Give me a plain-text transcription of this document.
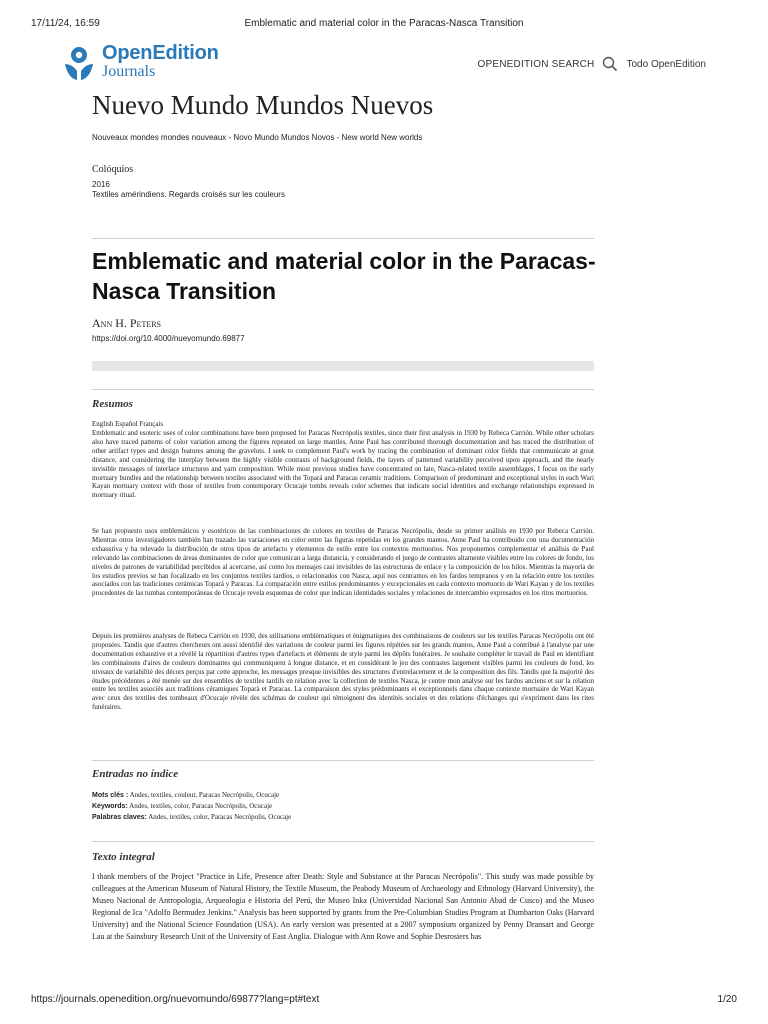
17/11/24, 16:59	Emblematic and material color in the Paracas-Nasca Transition
OpenEdition
Journals	OPENEDITION SEARCH	Todo OpenEdition
Nuevo Mundo Mundos Nuevos
Nouveaux mondes mondes nouveaux - Novo Mundo Mundos Novos - New world New worlds
Colóquios
2016
Textiles amérindiens. Regards croisés sur les couleurs
Emblematic and material color in the Paracas-Nasca Transition
Ann H. Peters
https://doi.org/10.4000/nuevomundo.69877
Resumos
English Español Français

Emblematic and esoteric uses of color combinations have been proposed for Paracas Necrópolis textiles, since their first analysis in 1930 by Rebeca Carrión. While other scholars also have traced patterns of color variation among the figures repeated on large mantles, Anne Paul has contributed thorough documentation and has traced the distribution of other artifact types and design features among the gravelots. I seek to complement Paul's work by tracing the combination of dominant color fields that communicate at great distance, and considering the interplay between the highly visible contrasts of background fields, the layers of patterned variability perceived upon approach, and the nearly invisible messages of interlace structures and yarn composition. While most previous studies have concentrated on late, Nasca-related textile assemblages, I focus on the early mortuary bundles and the relationship between textiles associated with the Topará and Paracas ceramic traditions. Comparison of predominant and exceptional styles in each Wari Kayan mortuary context with those of textiles from contemporary Ocucaje tombs reveals color schemes that indicate social identities and exchange relationships expressed in mortuary ritual.

Se han propuesto usos emblemáticos y esotéricos de las combinaciones de colores en textiles de Paracas Necrópolis, desde su primer análisis en 1930 por Rebeca Carrión. Mientras otros investigadores también han trazado las variaciones en color entre las figuras repetidas en los grandes mantos, Anne Paul ha contribuido con una documentación exhaustiva y ha relevado la distribución de otros tipos de artefacto y elementos de estilo entre los contextos mortuorios. Nos proponemos complementar el análisis de Paul relevando las combinaciones de áreas dominantes de color que comunican a larga distancia, y considerando el juego de contrastes altamente visibles entre los colores de fondo, los niveles de patrones de variabilidad percibidos al acercarse, así como los mensajes casi invisibles de las estructuras de enlace y la composición de los hilos. Mientras la mayoría de los estudios previos se han focalizado en los conjuntos textiles tardíos, o relacionados con Nasca, aquí nos centramos en los fardos tempranos y en la relación entre los textiles asociados con las tradiciones cerámicas Topará y Paracas. La comparación entre estilos predominantes y excepcionales en cada contexto mortuorio de Wari Kayan y de los textiles procedentes de las tumbas contemporáneas de Ocucaje revela esquemas de color que indican identidades sociales y relaciones de intercambio expresados en los ritos mortuorios.

Depuis les premières analyses de Rebeca Carrión en 1930, des utilisations emblématiques et énigmatiques des combinaisons de couleurs sur les textiles Paracas Necrópolis ont été proposées. Tandis que d'autres chercheurs ont aussi identifié des variations de couleur parmi les figures répétées sur les grands mantos, Anne Paul a contribué à l'analyse par une documentation exhaustive et a révélé la répartition d'autres types d'artefacts et éléments de style parmi les dépôts funéraires. Je souhaite compléter le travail de Paul en identifiant les combinaisons d'aires de couleurs dominantes qui communiquent à longue distance, et en considérant le jeu des contrastes largement visibles parmi les couleurs de fond, les niveaux de variabilité des décors perçus par cette approche, les messages presque invisibles des structures d'entrelacement et de la composition des fils. Tandis que la majorité des études précédentes a été menée sur des ensembles de textiles tardifs en relation avec la collection de textiles Nasca, je centre mon analyse sur les fardos anciens et sur la relation entre les textiles associés aux traditions céramiques Toparà et Paracas. La comparaison des styles prédominants et exceptionnels dans chaque contexte mortuaire de Wari Kayan avec ceux des textiles des tombeaux d'Ocucaje révèle des schémas de couleur qui témoignent des identités sociales et des relations d'échanges qui s'expriment dans les rites funéraires.

Entradas no índice
Mots clés : Andes, textiles, couleur, Paracas Necrópolis, Ocucaje
Keywords: Andes, textiles, color, Paracas Necrópolis, Ocucaje
Palabras claves: Andes, textiles, color, Paracas Necrópolis, Ocucaje
Texto integral

I thank members of the Project "Practice in Life, Presence after Death: Style and Substance at the Paracas Necrópolis". This study was made possible by colleagues at the American Museum of Natural History, the Textile Museum, the Peabody Museum of Archaeology and Ethnology (Harvard University), the Museo Nacional de Antropologia, Arqueologia e Historia del Perú, the Museo Inka (Universidad Nacional San Antonio Abad de Cusco) and the Museo Regional de Ica "Adolfo Bermudez Jenkins." Analysis has been supported by grants from the Pre-Columbian Studies Program at Dumbarton Oaks (Harvard University) and the National Science Foundation (USA). An early version was presented at a 2007 symposium organized by Penny Dransart and George Lau at the Sainsbury Research Unit of the University of East Anglia. Dialogue with Ann Rowe and Sophie Desrosiers has

https://journals.openedition.org/nuevomundo/69877?lang=pt#text	1/20
